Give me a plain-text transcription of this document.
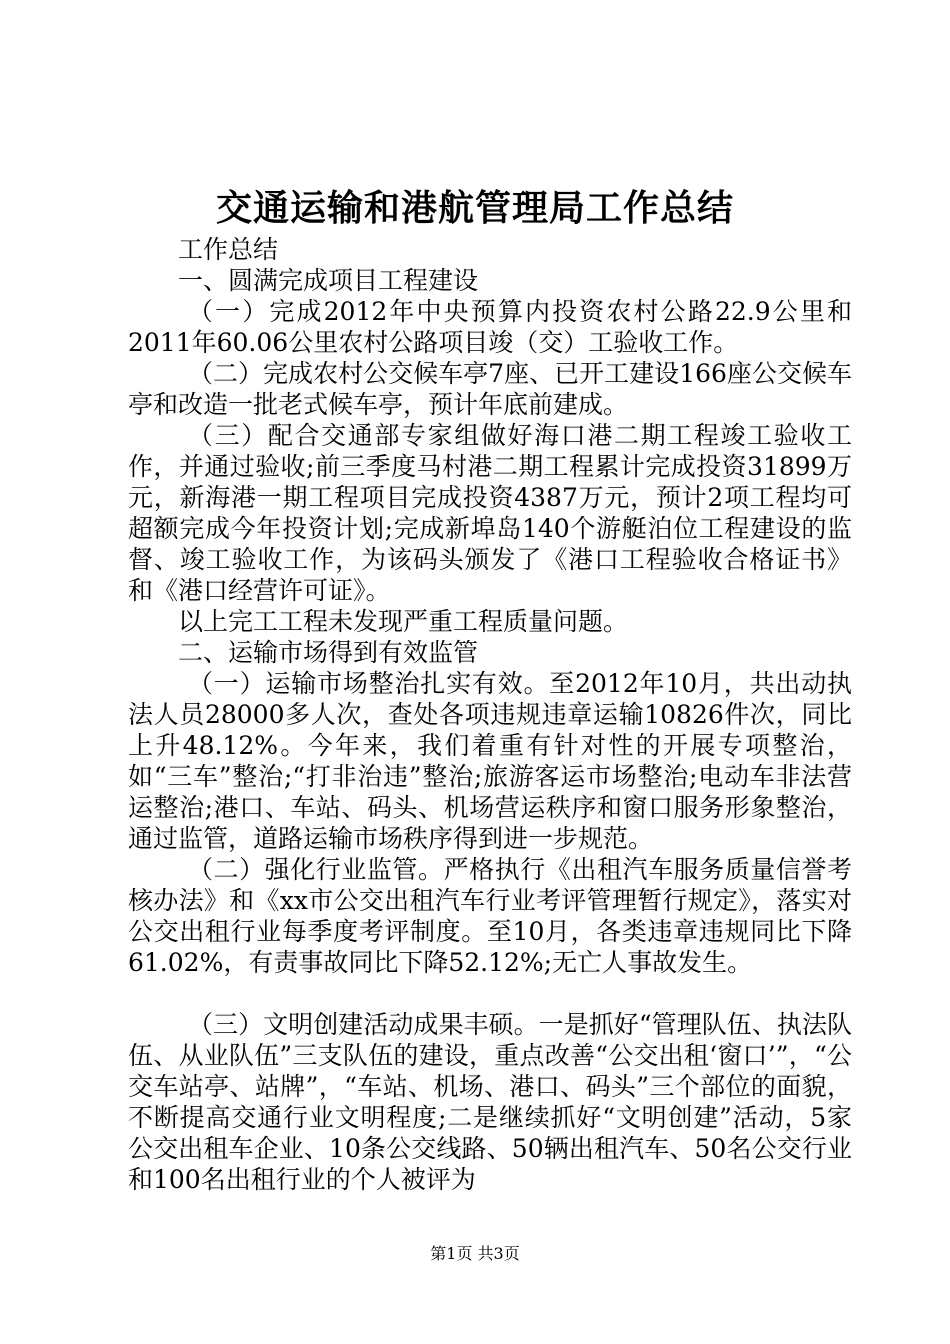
交通运输和港航管理局工作总结

工作总结

一、圆满完成项目工程建设

（一）完成2012年中央预算内投资农村公路22.9公里和2011年60.06公里农村公路项目竣（交）工验收工作。

（二）完成农村公交候车亭7座、已开工建设166座公交候车亭和改造一批老式候车亭，预计年底前建成。

（三）配合交通部专家组做好海口港二期工程竣工验收工作，并通过验收;前三季度马村港二期工程累计完成投资31899万元，新海港一期工程项目完成投资4387万元，预计2项工程均可超额完成今年投资计划;完成新埠岛140个游艇泊位工程建设的监督、竣工验收工作，为该码头颁发了《港口工程验收合格证书》和《港口经营许可证》。

以上完工工程未发现严重工程质量问题。

二、运输市场得到有效监管

（一）运输市场整治扎实有效。至2012年10月，共出动执法人员28000多人次，查处各项违规违章运输10826件次，同比上升48.12%。今年来，我们着重有针对性的开展专项整治，如“三车”整治;“打非治违”整治;旅游客运市场整治;电动车非法营运整治;港口、车站、码头、机场营运秩序和窗口服务形象整治，通过监管，道路运输市场秩序得到进一步规范。

（二）强化行业监管。严格执行《出租汽车服务质量信誉考核办法》和《xx市公交出租汽车行业考评管理暂行规定》，落实对公交出租行业每季度考评制度。至10月，各类违章违规同比下降61.02%，有责事故同比下降52.12%;无亡人事故发生。

（三）文明创建活动成果丰硕。一是抓好“管理队伍、执法队伍、从业队伍”三支队伍的建设，重点改善“公交出租‘窗口’”，“公交车站亭、站牌”，“车站、机场、港口、码头”三个部位的面貌，不断提高交通行业文明程度;二是继续抓好“文明创建”活动，5家公交出租车企业、10条公交线路、50辆出租汽车、50名公交行业和100名出租行业的个人被评为

第1页 共3页
